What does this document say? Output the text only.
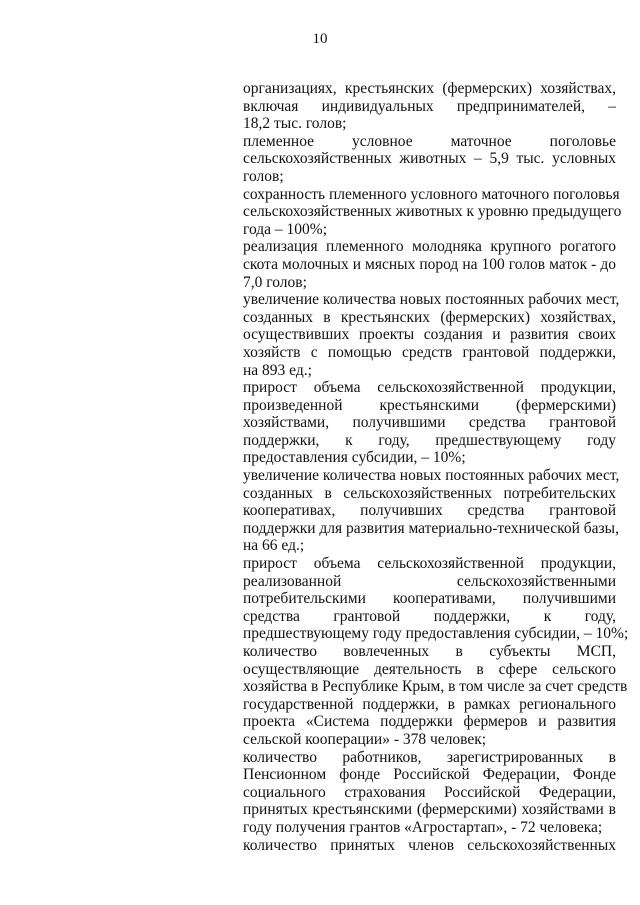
10

организациях, крестьянских (фермерских) хозяйствах,
включая индивидуальных предпринимателей, –
18,2 тыс. голов;

племенное условное маточное поголовье
сельскохозяйственных животных – 5,9 тыс. условных
голов;

сохранность племенного условного маточного поголовья
сельскохозяйственных животных к уровню предыдущего
года – 100%;

реализация племенного молодняка крупного рогатого
скота молочных и мясных пород на 100 голов маток - до
7,0 голов;

увеличение количества новых постоянных рабочих мест,
созданных в крестьянских (фермерских) хозяйствах,
осуществивших проекты создания и развития своих
хозяйств с помощью средств грантовой поддержки,
на 893 ед.;

прирост объема сельскохозяйственной продукции,
произведенной крестьянскими (фермерскими)
хозяйствами, получившими средства грантовой
поддержки, к году, предшествующему году
предоставления субсидии, – 10%;

увеличение количества новых постоянных рабочих мест,
созданных в сельскохозяйственных потребительских
кооперативах, получивших средства грантовой
поддержки для развития материально-технической базы,
на 66 ед.;

прирост объема сельскохозяйственной продукции,
реализованной сельскохозяйственными
потребительскими кооперативами, получившими
средства грантовой поддержки, к году,
предшествующему году предоставления субсидии, – 10%;

количество вовлеченных в субъекты МСП,
осуществляющие деятельность в сфере сельского
хозяйства в Республике Крым, в том числе за счет средств
государственной поддержки, в рамках регионального
проекта «Система поддержки фермеров и развития
сельской кооперации» - 378 человек;

количество работников, зарегистрированных в
Пенсионном фонде Российской Федерации, Фонде
социального страхования Российской Федерации,
принятых крестьянскими (фермерскими) хозяйствами в
году получения грантов «Агростартап», - 72 человека;

количество принятых членов сельскохозяйственных
